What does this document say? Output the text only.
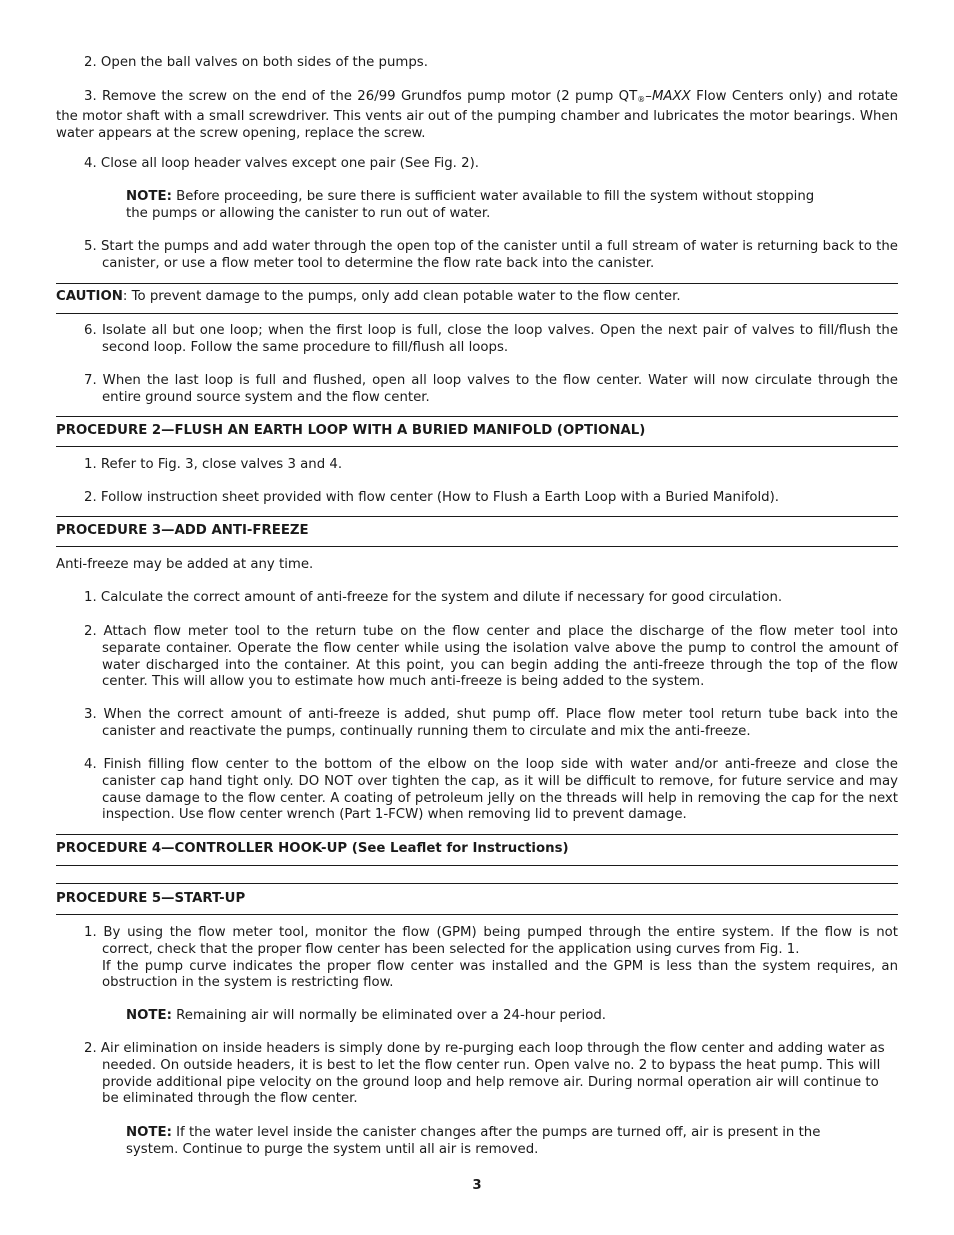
2. Open the ball valves on both sides of the pumps.

3. Remove the screw on the end of the 26/99 Grundfos pump motor (2 pump $QT_®$–MAXX Flow Centers only) and rotate the motor shaft with a small screwdriver. This vents air out of the pumping chamber and lubricates the motor bearings. When water appears at the screw opening, replace the screw.

4. Close all loop header valves except one pair (See Fig. 2).

NOTE: Before proceeding, be sure there is sufficient water available to fill the system without stopping the pumps or allowing the canister to run out of water.

5. Start the pumps and add water through the open top of the canister until a full stream of water is returning back to the canister, or use a flow meter tool to determine the flow rate back into the canister.

CAUTION: To prevent damage to the pumps, only add clean potable water to the flow center.

6. Isolate all but one loop; when the first loop is full, close the loop valves. Open the next pair of valves to fill/flush the second loop. Follow the same procedure to fill/flush all loops.

7. When the last loop is full and flushed, open all loop valves to the flow center. Water will now circulate through the entire ground source system and the flow center.

PROCEDURE 2—FLUSH AN EARTH LOOP WITH A BURIED MANIFOLD (OPTIONAL)

1. Refer to Fig. 3, close valves 3 and 4.

2. Follow instruction sheet provided with flow center (How to Flush a Earth Loop with a Buried Manifold).

PROCEDURE 3—ADD ANTI-FREEZE

Anti-freeze may be added at any time.

1. Calculate the correct amount of anti-freeze for the system and dilute if necessary for good circulation.

2. Attach flow meter tool to the return tube on the flow center and place the discharge of the flow meter tool into separate container. Operate the flow center while using the isolation valve above the pump to control the amount of water discharged into the container. At this point, you can begin adding the anti-freeze through the top of the flow center. This will allow you to estimate how much anti-freeze is being added to the system.

3. When the correct amount of anti-freeze is added, shut pump off. Place flow meter tool return tube back into the canister and reactivate the pumps, continually running them to circulate and mix the anti-freeze.

4. Finish filling flow center to the bottom of the elbow on the loop side with water and/or anti-freeze and close the canister cap hand tight only. DO NOT over tighten the cap, as it will be difficult to remove, for future service and may cause damage to the flow center. A coating of petroleum jelly on the threads will help in removing the cap for the next inspection. Use flow center wrench (Part 1-FCW) when removing lid to prevent damage.

PROCEDURE 4—CONTROLLER HOOK-UP (See Leaflet for Instructions)

PROCEDURE 5—START-UP

1. By using the flow meter tool, monitor the flow (GPM) being pumped through the entire system. If the flow is not correct, check that the proper flow center has been selected for the application using curves from Fig. 1.
If the pump curve indicates the proper flow center was installed and the GPM is less than the system requires, an obstruction in the system is restricting flow.

NOTE: Remaining air will normally be eliminated over a 24-hour period.

2. Air elimination on inside headers is simply done by re-purging each loop through the flow center and adding water as needed. On outside headers, it is best to let the flow center run. Open valve no. 2 to bypass the heat pump. This will provide additional pipe velocity on the ground loop and help remove air. During normal operation air will continue to be eliminated through the flow center.

NOTE: If the water level inside the canister changes after the pumps are turned off, air is present in the system. Continue to purge the system until all air is removed.

3
